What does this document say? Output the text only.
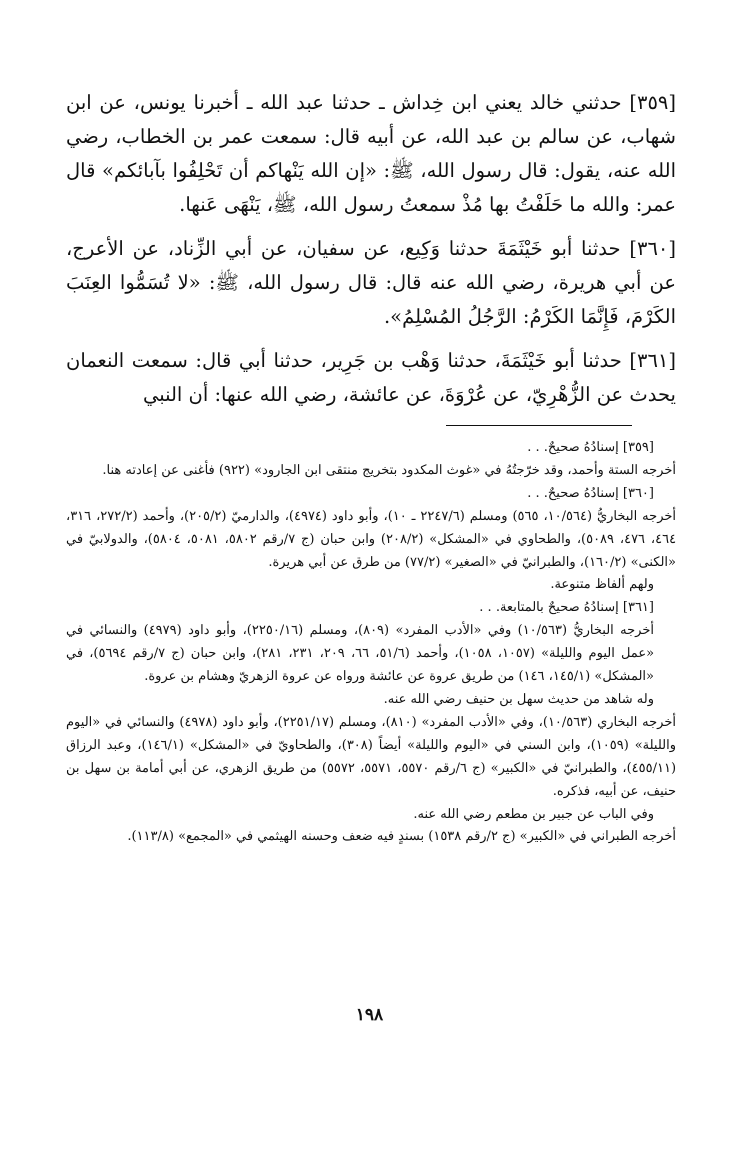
[٣٥٩] حدثني خالد يعني ابن خِداش ـ حدثنا عبد الله ـ أخبرنا يونس، عن ابن شهاب، عن سالم بن عبد الله، عن أبيه قال: سمعت عمر بن الخطاب، رضي الله عنه، يقول: قال رسول الله، ﷺ: «إن الله يَنْهاكم أن تَحْلِفُوا بآبائكم» قال عمر: والله ما حَلَفْتُ بها مُذْ سمعتُ رسول الله، ﷺ، يَنْهَى عَنها.

[٣٦٠] حدثنا أبو خَيْثَمَةَ حدثنا وَكِيع، عن سفيان، عن أبي الزِّناد، عن الأعرج، عن أبي هريرة، رضي الله عنه قال: قال رسول الله، ﷺ: «لا تُسَمُّوا العِنَبَ الكَرْمَ، فَإِنَّمَا الكَرْمُ: الرَّجُلُ المُسْلِمُ».

[٣٦١] حدثنا أبو خَيْثَمَةَ، حدثنا وَهْب بن جَرِير، حدثنا أبي قال: سمعت النعمان يحدث عن الزُّهْرِيّ، عن عُرْوَةَ، عن عائشة، رضي الله عنها: أن النبي

[٣٥٩] إسنادُهُ صحيحٌ. . .

أخرجه الستة وأحمد، وقد خرّجتُهُ في «غوث المكدود بتخريج منتقى ابن الجارود» (٩٢٢) فأغنى عن إعادته هنا.

[٣٦٠] إسنادُهُ صحيحٌ. . .

أخرجه البخاريُّ (١٠/٥٦٤، ٥٦٥) ومسلم (٢٢٤٧/٦ ـ ١٠)، وأبو داود (٤٩٧٤)، والدارميّ (٢٠٥/٢)، وأحمد (٢٧٢/٢، ٣١٦، ٤٦٤، ٤٧٦، ٥٠٨٩)، والطحاوي في «المشكل» (٢٠٨/٢) وابن حبان (ج ٧/رقم ٥٨٠٢، ٥٠٨١، ٥٨٠٤)، والدولابيّ في «الكنى» (١٦٠/٢)، والطبرانيّ في «الصغير» (٧٧/٢) من طرق عن أبي هريرة.

ولهم ألفاظ متنوعة.

[٣٦١] إسنادُهُ صحيحٌ بالمتابعة. . .

أخرجه البخاريُّ (١٠/٥٦٣) وفي «الأدب المفرد» (٨٠٩)، ومسلم (٢٢٥٠/١٦)، وأبو داود (٤٩٧٩) والنسائي في «عمل اليوم والليلة» (١٠٥٧، ١٠٥٨)، وأحمد (٥١/٦، ٦٦، ٢٠٩، ٢٣١، ٢٨١)، وابن حبان (ج ٧/رقم ٥٦٩٤)، في «المشكل» (١٤٥/١، ١٤٦) من طريق عروة عن عائشة ورواه عن عروة الزهريّ وهشام بن عروة.

وله شاهد من حديث سهل بن حنيف رضي الله عنه.

أخرجه البخاري (١٠/٥٦٣)، وفي «الأدب المفرد» (٨١٠)، ومسلم (٢٢٥١/١٧)، وأبو داود (٤٩٧٨) والنسائي في «اليوم والليلة» (١٠٥٩)، وابن السني في «اليوم والليلة» أيضاً (٣٠٨)، والطحاويّ في «المشكل» (١٤٦/١)، وعبد الرزاق (٤٥٥/١١)، والطبرانيّ في «الكبير» (ج ٦/رقم ٥٥٧٠، ٥٥٧١، ٥٥٧٢) من طريق الزهري، عن أبي أمامة بن سهل بن حنيف، عن أبيه، فذكره.

وفي الباب عن جبير بن مطعم رضي الله عنه.

أخرجه الطبراني في «الكبير» (ج ٢/رقم ١٥٣٨) بسندٍ فيه ضعف وحسنه الهيثمي في «المجمع» (١١٣/٨).

١٩٨
